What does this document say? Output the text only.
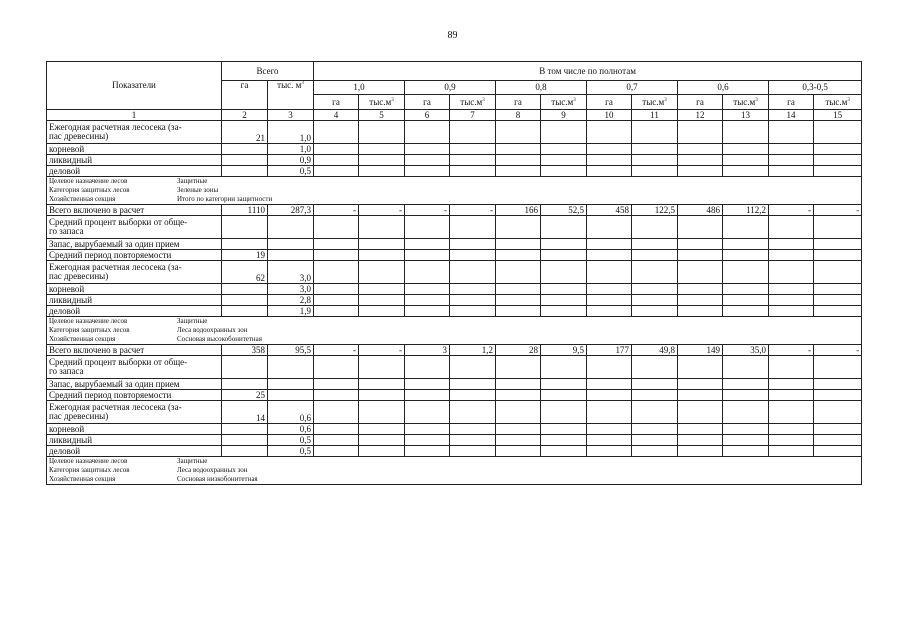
89
Показатели	Всего		В том числе по полнотам											
	га	тыс. $м^3$	1,0		0,9		0,8		0,7		0,6		0,3-0,5	
			га	$тыс.м^3$	га	$тыс.м^3$	га	$тыс.м^3$	га	$тыс.м^3$	га	$тыс.м^3$	га	$тыс.м^3$
1	2	3	4	5	6	7	8	9	10	11	12	13	14	15
Ежегодная расчетная лесосека (за-
пас древесины)	21	1,0												
корневой		1,0												
ликвидный		0,9												
деловой		0,5												

Целевое назначение лесов Защитные
Категория защитных лесов Зеленые зоны
Хозяйственная секция Итого по категории защитности														

Всего включено в расчет	1110	287,3	-	-	-	-	166	52,5	458	122,5	486	112,2	-	-
Средний процент выборки от обще-
го запаса														
Запас, вырубаемый за один прием														
Средний период повторяемости	19													
Ежегодная расчетная лесосека (за-
пас древесины)	62	3,0												
корневой		3,0												
ликвидный		2,8												
деловой		1,9												

Целевое назначение лесов Защитные
Категория защитных лесов Леса водоохранных зон
Хозяйственная секция Сосновая высокобонитетная														

Всего включено в расчет	358	95,5	-	-	3	1,2	28	9,5	177	49,8	149	35,0	-	-
Средний процент выборки от обще-
го запаса														
Запас, вырубаемый за один прием														
Средний период повторяемости	25													
Ежегодная расчетная лесосека (за-
пас древесины)	14	0,6												
корневой		0,6												
ликвидный		0,5												
деловой		0,5												

Целевое назначение лесов Защитные
Категория защитных лесов Леса водоохранных зон
Хозяйственная секция Сосновая низкобонитетная														
